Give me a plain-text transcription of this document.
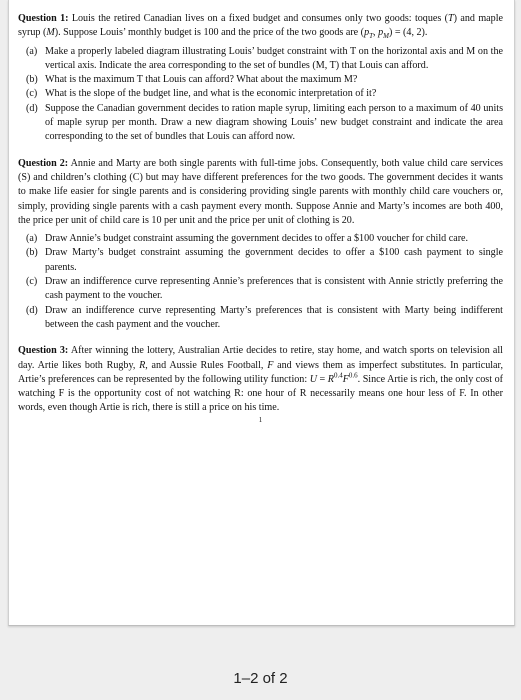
Question 1: Louis the retired Canadian lives on a fixed budget and consumes only two goods: toques (T) and maple syrup (M). Suppose Louis’ monthly budget is 100 and the price of the two goods are ($p_T$, $p_M) = (4$, 2).

(a) Make a properly labeled diagram illustrating Louis’ budget constraint with T on the horizontal axis and M on the vertical axis. Indicate the area corresponding to the set of bundles (M, T) that Louis can afford.
(b) What is the maximum T that Louis can afford? What about the maximum M?
(c) What is the slope of the budget line, and what is the economic interpretation of it?
(d) Suppose the Canadian government decides to ration maple syrup, limiting each person to a maximum of 40 units of maple syrup per month. Draw a new diagram showing Louis’ new budget constraint and indicate the area corresponding to the set of bundles that Louis can afford now.

Question 2: Annie and Marty are both single parents with full-time jobs. Consequently, both value child care services (S) and children’s clothing (C) but may have different preferences for the two goods. The government decides it wants to make life easier for single parents and is considering providing single parents with monthly child care vouchers or, simply, providing single parents with a cash payment every month. Suppose Annie and Marty’s incomes are both 400, the price per unit of child care is 10 per unit and the price per unit of clothing is 20.

(a) Draw Annie’s budget constraint assuming the government decides to offer a $100 voucher for child care.
(b) Draw Marty’s budget constraint assuming the government decides to offer a $100 cash payment to single parents.
(c) Draw an indifference curve representing Annie’s preferences that is consistent with Annie strictly preferring the cash payment to the voucher.
(d) Draw an indifference curve representing Marty’s preferences that is consistent with Marty being indifferent between the cash payment and the voucher.

Question 3: After winning the lottery, Australian Artie decides to retire, stay home, and watch sports on television all day. Artie likes both Rugby, R, and Aussie Rules Football, F and views them as imperfect substitutes. In particular, Artie’s preferences can be represented by the following utility function: $U = R^{0.4}F^{0.6}$. Since Artie is rich, the only cost of watching F is the opportunity cost of not watching R: one hour of R necessarily means one hour less of F. In other words, even though Artie is rich, there is still a price on his time.

1
1–2 of 2
